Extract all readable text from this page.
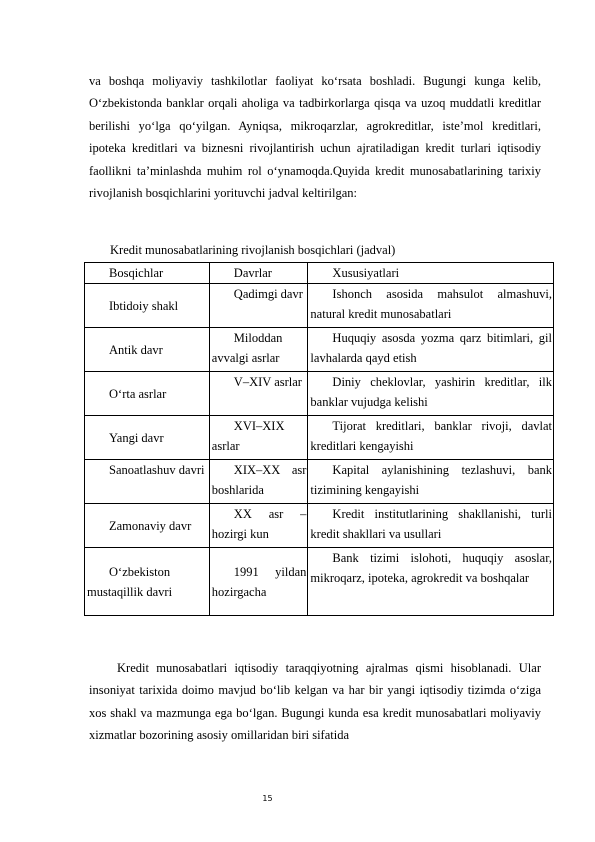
va boshqa moliyaviy tashkilotlar faoliyat ko‘rsata boshladi. Bugungi kunga kelib, O‘zbekistonda banklar orqali aholiga va tadbirkorlarga qisqa va uzoq muddatli kreditlar berilishi yo‘lga qo‘yilgan. Ayniqsa, mikroqarzlar, agrokreditlar, iste’mol kreditlari, ipoteka kreditlari va biznesni rivojlantirish uchun ajratiladigan kredit turlari iqtisodiy faollikni ta’minlashda muhim rol o‘ynamoqda.Quyida kredit munosabatlarining tarixiy rivojlanish bosqichlarini yorituvchi jadval keltirilgan:

Kredit munosabatlarining rivojlanish bosqichlari (jadval)
Bosqichlar	Davrlar	Xususiyatlari

Ibtidoiy shakl	Qadimgi davr	Ishonch asosida mahsulot almashuvi, natural kredit munosabatlari

Antik davr	Miloddan avvalgi asrlar	Huquqiy asosda yozma qarz bitimlari, gil lavhalarda qayd etish

O‘rta asrlar	V–XIV asrlar	Diniy cheklovlar, yashirin kreditlar, ilk banklar vujudga kelishi

Yangi davr	XVI–XIX asrlar	Tijorat kreditlari, banklar rivoji, davlat kreditlari kengayishi

Sanoatlashuv davri	XIX–XX asr boshlarida	Kapital aylanishining tezlashuvi, bank tizimining kengayishi

Zamonaviy davr	XX asr – hozirgi kun	Kredit institutlarining shakllanishi, turli kredit shakllari va usullari

O‘zbekiston mustaqillik davri	1991 yildan hozirgacha	Bank tizimi islohoti, huquqiy asoslar, mikroqarz, ipoteka, agrokredit va boshqalar

Kredit munosabatlari iqtisodiy taraqqiyotning ajralmas qismi hisoblanadi. Ular insoniyat tarixida doimo mavjud bo‘lib kelgan va har bir yangi iqtisodiy tizimda o‘ziga xos shakl va mazmunga ega bo‘lgan. Bugungi kunda esa kredit munosabatlari moliyaviy xizmatlar bozorining asosiy omillaridan biri sifatida

15
